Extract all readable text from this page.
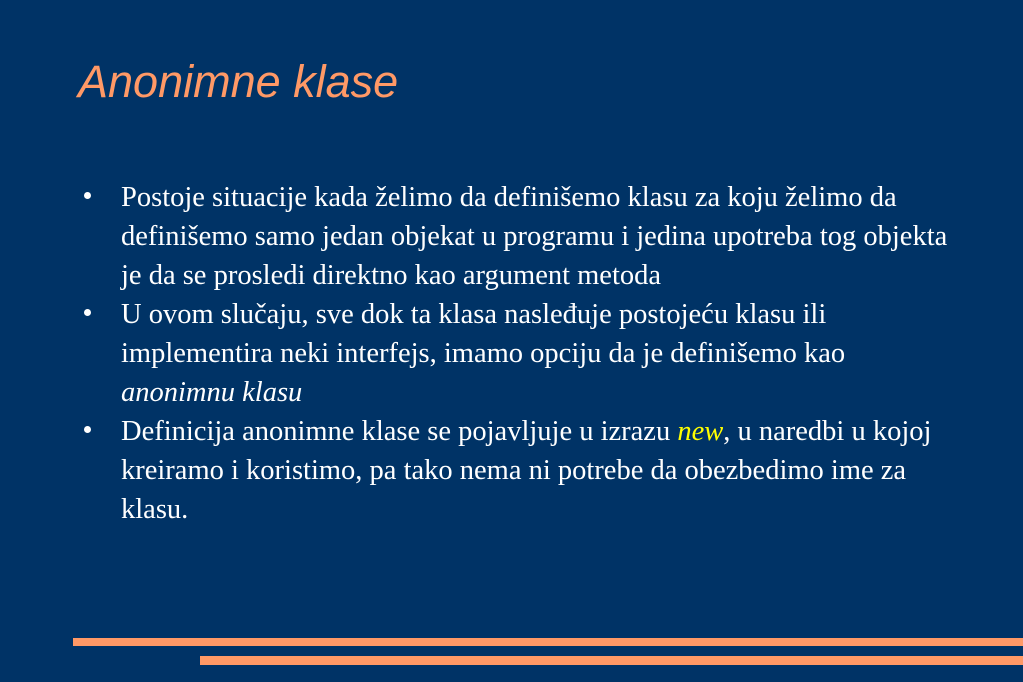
Anonimne klase
Postoje situacije kada želimo da definišemo klasu za koju želimo da definišemo samo jedan objekat u programu i jedina upotreba tog objekta je da se prosledi direktno kao argument metoda
U ovom slučaju, sve dok ta klasa nasleđuje postojeću klasu ili implementira neki interfejs, imamo opciju da je definišemo kao anonimnu klasu
Definicija anonimne klase se pojavljuje u izrazu new, u naredbi u kojoj kreiramo i koristimo, pa tako nema ni potrebe da obezbedimo ime za klasu.
